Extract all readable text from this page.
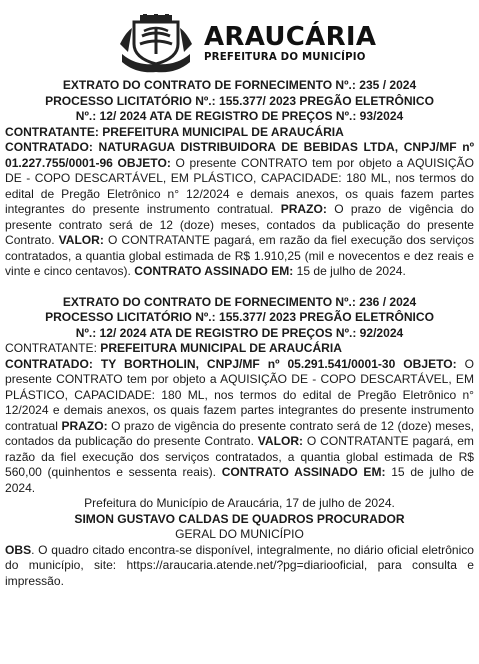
ARAUCÁRIA
PREFEITURA DO MUNICÍPIO
EXTRATO DO CONTRATO DE FORNECIMENTO Nº.: 235 / 2024
PROCESSO LICITATÓRIO Nº.: 155.377/ 2023 PREGÃO ELETRÔNICO
Nº.: 12/ 2024 ATA DE REGISTRO DE PREÇOS Nº.: 93/2024
CONTRATANTE: PREFEITURA MUNICIPAL DE ARAUCÁRIA

CONTRATADO: NATURAGUA DISTRIBUIDORA DE BEBIDAS LTDA, CNPJ/MF nº 01.227.755/0001-96 OBJETO: O presente CONTRATO tem por objeto a AQUISIÇÃO DE - COPO DESCARTÁVEL, EM PLÁSTICO, CAPACIDADE: 180 ML, nos termos do edital de Pregão Eletrônico n° 12/2024 e demais anexos, os quais fazem partes integrantes do presente instrumento contratual. PRAZO: O prazo de vigência do presente contrato será de 12 (doze) meses, contados da publicação do presente Contrato. VALOR: O CONTRATANTE pagará, em razão da fiel execução dos serviços contratados, a quantia global estimada de R$ 1.910,25 (mil e novecentos e dez reais e vinte e cinco centavos). CONTRATO ASSINADO EM: 15 de julho de 2024.

EXTRATO DO CONTRATO DE FORNECIMENTO Nº.: 236 / 2024
PROCESSO LICITATÓRIO Nº.: 155.377/ 2023 PREGÃO ELETRÔNICO
Nº.: 12/ 2024 ATA DE REGISTRO DE PREÇOS Nº.: 92/2024
CONTRATANTE: PREFEITURA MUNICIPAL DE ARAUCÁRIA

CONTRATADO: TY BORTHOLIN, CNPJ/MF nº 05.291.541/0001-30 OBJETO: O presente CONTRATO tem por objeto a AQUISIÇÃO DE - COPO DESCARTÁVEL, EM PLÁSTICO, CAPACIDADE: 180 ML, nos termos do edital de Pregão Eletrônico n° 12/2024 e demais anexos, os quais fazem partes integrantes do presente instrumento contratual PRAZO: O prazo de vigência do presente contrato será de 12 (doze) meses, contados da publicação do presente Contrato. VALOR: O CONTRATANTE pagará, em razão da fiel execução dos serviços contratados, a quantia global estimada de R$ 560,00 (quinhentos e sessenta reais). CONTRATO ASSINADO EM: 15 de julho de 2024.

Prefeitura do Município de Araucária, 17 de julho de 2024.
SIMON GUSTAVO CALDAS DE QUADROS PROCURADOR
GERAL DO MUNICÍPIO

OBS. O quadro citado encontra-se disponível, integralmente, no diário oficial eletrônico do município, site: https://araucaria.atende.net/?pg=diariooficial, para consulta e impressão.
